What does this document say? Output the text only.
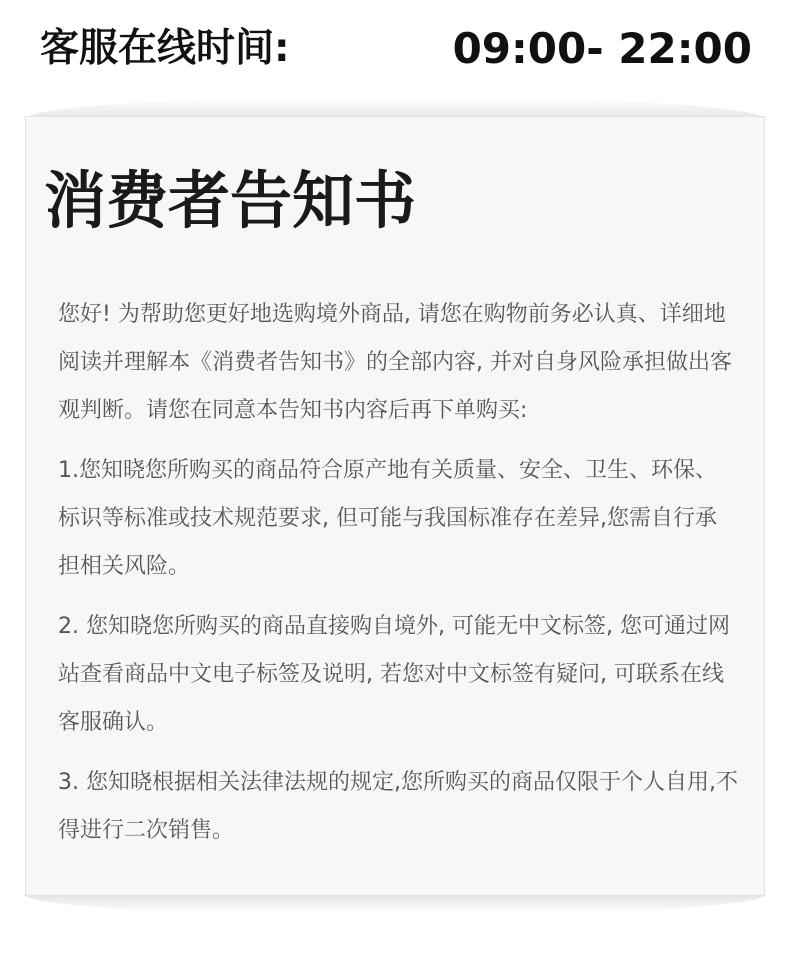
客服在线时间:	09:00- 22:00
消费者告知书

您好! 为帮助您更好地选购境外商品, 请您在购物前务必认真、详细地阅读并理解本《消费者告知书》的全部内容, 并对自身风险承担做出客观判断。请您在同意本告知书内容后再下单购买:

1.您知晓您所购买的商品符合原产地有关质量、安全、卫生、环保、标识等标准或技术规范要求, 但可能与我国标准存在差异,您需自行承担相关风险。

2. 您知晓您所购买的商品直接购自境外, 可能无中文标签, 您可通过网站查看商品中文电子标签及说明, 若您对中文标签有疑问, 可联系在线客服确认。

3. 您知晓根据相关法律法规的规定,您所购买的商品仅限于个人自用,不得进行二次销售。
